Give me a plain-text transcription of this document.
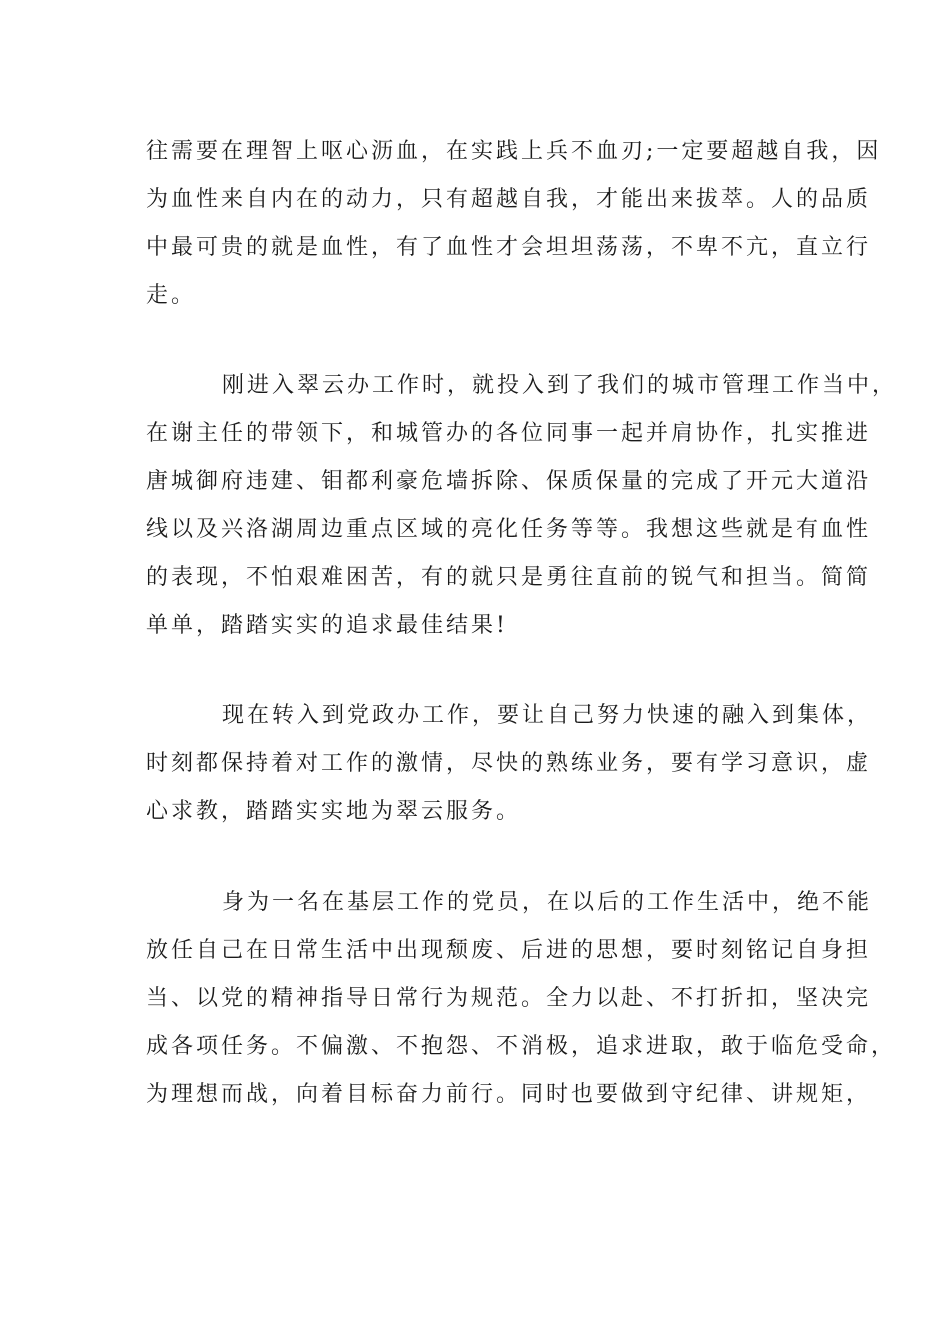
往需要在理智上呕心沥血，在实践上兵不血刃;一定要超越自我，因

为血性来自内在的动力，只有超越自我，才能出来拔萃。人的品质

中最可贵的就是血性，有了血性才会坦坦荡荡，不卑不亢，直立行

走。

刚进入翠云办工作时，就投入到了我们的城市管理工作当中，

在谢主任的带领下，和城管办的各位同事一起并肩协作，扎实推进

唐城御府违建、钼都利豪危墙拆除、保质保量的完成了开元大道沿

线以及兴洛湖周边重点区域的亮化任务等等。我想这些就是有血性

的表现，不怕艰难困苦，有的就只是勇往直前的锐气和担当。简简

单单，踏踏实实的追求最佳结果!

现在转入到党政办工作，要让自己努力快速的融入到集体，

时刻都保持着对工作的激情，尽快的熟练业务，要有学习意识，虚

心求教，踏踏实实地为翠云服务。

身为一名在基层工作的党员，在以后的工作生活中，绝不能

放任自己在日常生活中出现颓废、后进的思想，要时刻铭记自身担

当、以党的精神指导日常行为规范。全力以赴、不打折扣，坚决完

成各项任务。不偏激、不抱怨、不消极，追求进取，敢于临危受命，

为理想而战，向着目标奋力前行。同时也要做到守纪律、讲规矩，
